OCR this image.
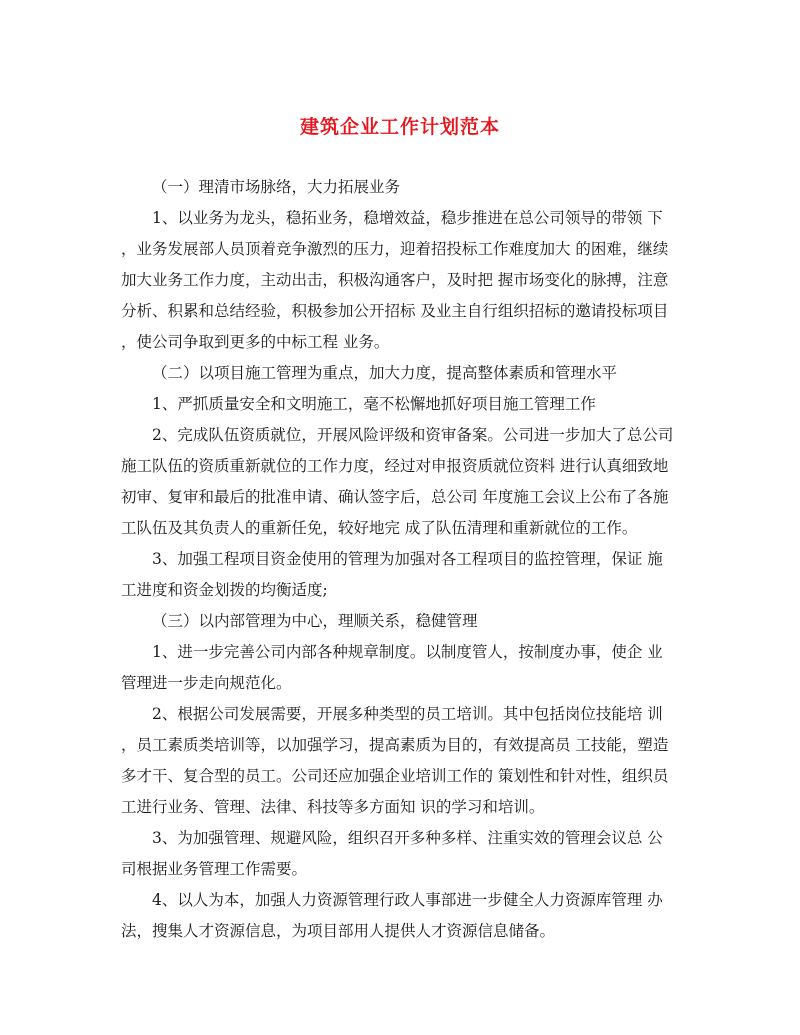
建筑企业工作计划范本
（一）理清市场脉络，大力拓展业务
1、以业务为龙头，稳拓业务，稳增效益，稳步推进在总公司领导的带领 下
，业务发展部人员顶着竞争激烈的压力，迎着招投标工作难度加大 的困难，继续
加大业务工作力度，主动出击，积极沟通客户，及时把 握市场变化的脉搏，注意
分析、积累和总结经验，积极参加公开招标 及业主自行组织招标的邀请投标项目
，使公司争取到更多的中标工程 业务。
（二）以项目施工管理为重点，加大力度，提高整体素质和管理水平
1、严抓质量安全和文明施工，毫不松懈地抓好项目施工管理工作
2、完成队伍资质就位，开展风险评级和资审备案。公司进一步加大了总公司
施工队伍的资质重新就位的工作力度，经过对申报资质就位资料 进行认真细致地
初审、复审和最后的批准申请、确认签字后，总公司 年度施工会议上公布了各施
工队伍及其负责人的重新任免，较好地完 成了队伍清理和重新就位的工作。
3、加强工程项目资金使用的管理为加强对各工程项目的监控管理，保证 施
工进度和资金划拨的均衡适度;
（三）以内部管理为中心，理顺关系，稳健管理
1、进一步完善公司内部各种规章制度。以制度管人，按制度办事，使企 业
管理进一步走向规范化。
2、根据公司发展需要，开展多种类型的员工培训。其中包括岗位技能培 训
，员工素质类培训等，以加强学习，提高素质为目的，有效提高员 工技能，塑造
多才干、复合型的员工。公司还应加强企业培训工作的 策划性和针对性，组织员
工进行业务、管理、法律、科技等多方面知 识的学习和培训。
3、为加强管理、规避风险，组织召开多种多样、注重实效的管理会议总 公
司根据业务管理工作需要。
4、以人为本，加强人力资源管理行政人事部进一步健全人力资源库管理 办
法，搜集人才资源信息，为项目部用人提供人才资源信息储备。
